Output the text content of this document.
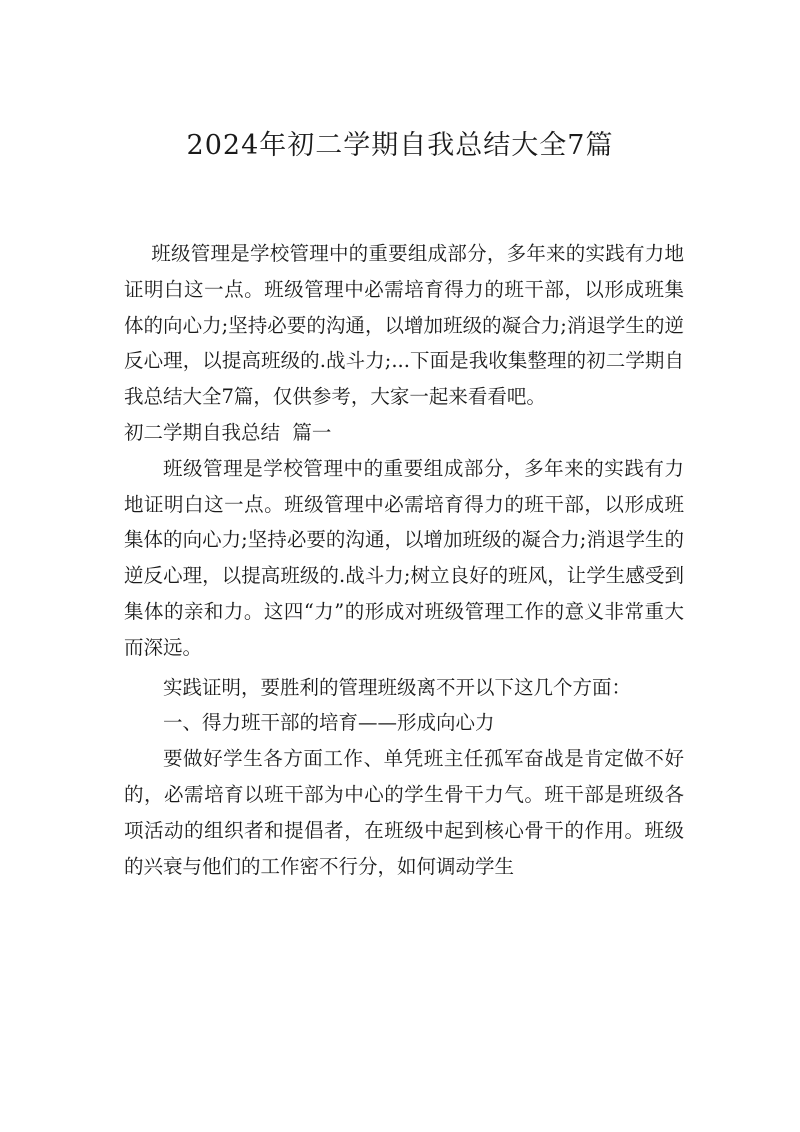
2024年初二学期自我总结大全7篇

班级管理是学校管理中的重要组成部分，多年来的实践有力地证明白这一点。班级管理中必需培育得力的班干部，以形成班集体的向心力;坚持必要的沟通，以增加班级的凝合力;消退学生的逆反心理，以提高班级的.战斗力;...下面是我收集整理的初二学期自我总结大全7篇，仅供参考，大家一起来看看吧。

初二学期自我总结  篇一

班级管理是学校管理中的重要组成部分，多年来的实践有力地证明白这一点。班级管理中必需培育得力的班干部，以形成班集体的向心力;坚持必要的沟通，以增加班级的凝合力;消退学生的逆反心理，以提高班级的.战斗力;树立良好的班风，让学生感受到集体的亲和力。这四“力”的形成对班级管理工作的意义非常重大而深远。

实践证明，要胜利的管理班级离不开以下这几个方面：

一、得力班干部的培育——形成向心力

要做好学生各方面工作、单凭班主任孤军奋战是肯定做不好的，必需培育以班干部为中心的学生骨干力气。班干部是班级各项活动的组织者和提倡者，在班级中起到核心骨干的作用。班级的兴衰与他们的工作密不行分，如何调动学生
